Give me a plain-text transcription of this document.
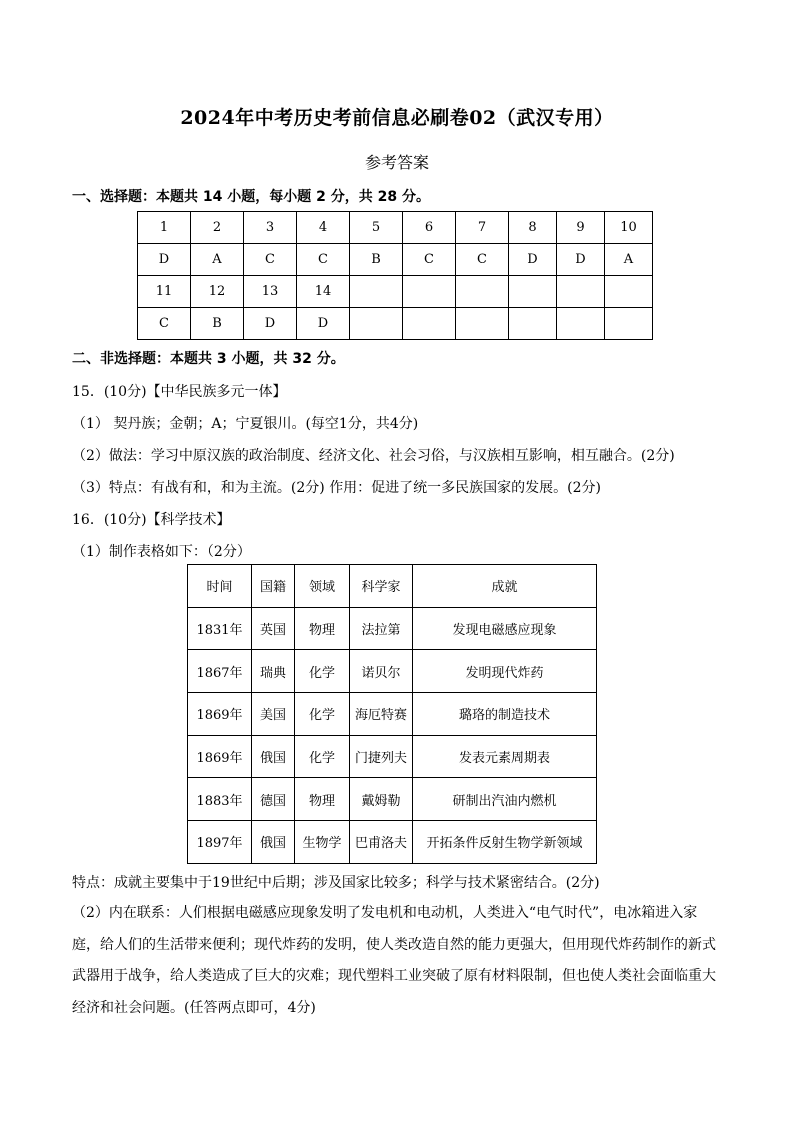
2024年中考历史考前信息必刷卷02（武汉专用）
参考答案
一、选择题：本题共 14 小题，每小题 2 分，共 28 分。
1	2	3	4	5	6	7	8	9	10
D	A	C	C	B	C	C	D	D	A
11	12	13	14						
C	B	D	D						
二、非选择题：本题共 3 小题，共 32 分。
15．(10分)【中华民族多元一体】
（1） 契丹族；金朝；A；宁夏银川。(每空1分，共4分)
（2）做法：学习中原汉族的政治制度、经济文化、社会习俗，与汉族相互影响，相互融合。(2分)
（3）特点：有战有和，和为主流。(2分) 作用：促进了统一多民族国家的发展。(2分)
16．(10分)【科学技术】
（1）制作表格如下：（2分）
时间	国籍	领域	科学家	成就
1831年	英国	物理	法拉第	发现电磁感应现象
1867年	瑞典	化学	诺贝尔	发明现代炸药
1869年	美国	化学	海厄特赛	璐珞的制造技术
1869年	俄国	化学	门捷列夫	发表元素周期表
1883年	德国	物理	戴姆勒	研制出汽油内燃机
1897年	俄国	生物学	巴甫洛夫	开拓条件反射生物学新领域
特点：成就主要集中于19世纪中后期；涉及国家比较多；科学与技术紧密结合。(2分)
（2）内在联系：人们根据电磁感应现象发明了发电机和电动机，人类进入“电气时代”，电冰箱进入家庭，给人们的生活带来便利；现代炸药的发明，使人类改造自然的能力更强大，但用现代炸药制作的新式武器用于战争，给人类造成了巨大的灾难；现代塑料工业突破了原有材料限制，但也使人类社会面临重大经济和社会问题。(任答两点即可，4分)
